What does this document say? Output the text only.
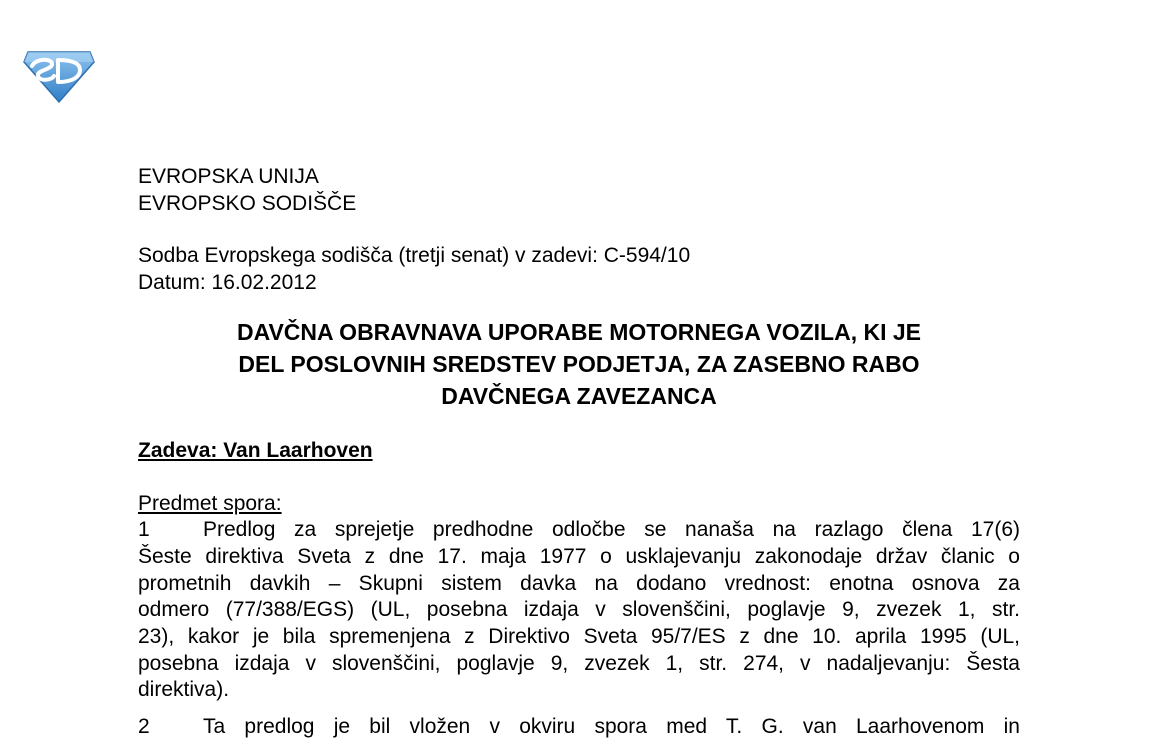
EVROPSKA UNIJA
EVROPSKO SODIŠČE
Sodba Evropskega sodišča (tretji senat) v zadevi: C-594/10
Datum: 16.02.2012
DAVČNA OBRAVNAVA UPORABE MOTORNEGA VOZILA, KI JE
DEL POSLOVNIH SREDSTEV PODJETJA, ZA ZASEBNO RABO
DAVČNEGA ZAVEZANCA
Zadeva: Van Laarhoven
Predmet spora:
1	Predlog za sprejetje predhodne odločbe se nanaša na razlago člena 17(6)
Šeste direktiva Sveta z dne 17. maja 1977 o usklajevanju zakonodaje držav članic o
prometnih davkih – Skupni sistem davka na dodano vrednost: enotna osnova za
odmero (77/388/EGS) (UL, posebna izdaja v slovenščini, poglavje 9, zvezek 1, str.
23), kakor je bila spremenjena z Direktivo Sveta 95/7/ES z dne 10. aprila 1995 (UL,
posebna izdaja v slovenščini, poglavje 9, zvezek 1, str. 274, v nadaljevanju: Šesta
direktiva).
2	Ta predlog je bil vložen v okviru spora med T. G. van Laarhovenom in
